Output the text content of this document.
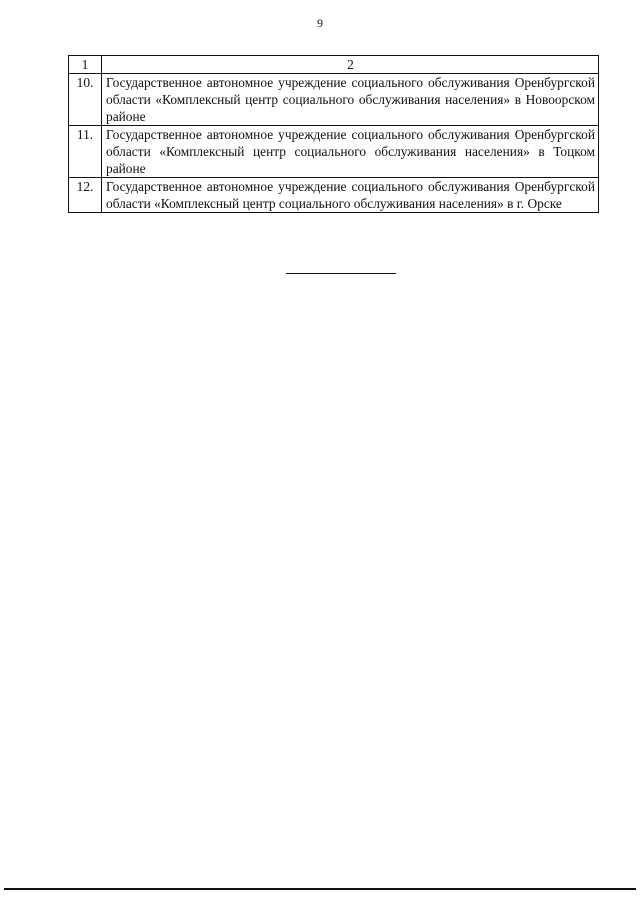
9
1	2
10.	Государственное автономное учреждение социального обслуживания Оренбургской области «Комплексный центр социального обслуживания населения» в Новоорском районе
11.	Государственное автономное учреждение социального обслуживания Оренбургской области «Комплексный центр социального обслуживания населения» в Тоцком районе
12.	Государственное автономное учреждение социального обслуживания Оренбургской области «Комплексный центр социального обслуживания населения» в г. Орске
